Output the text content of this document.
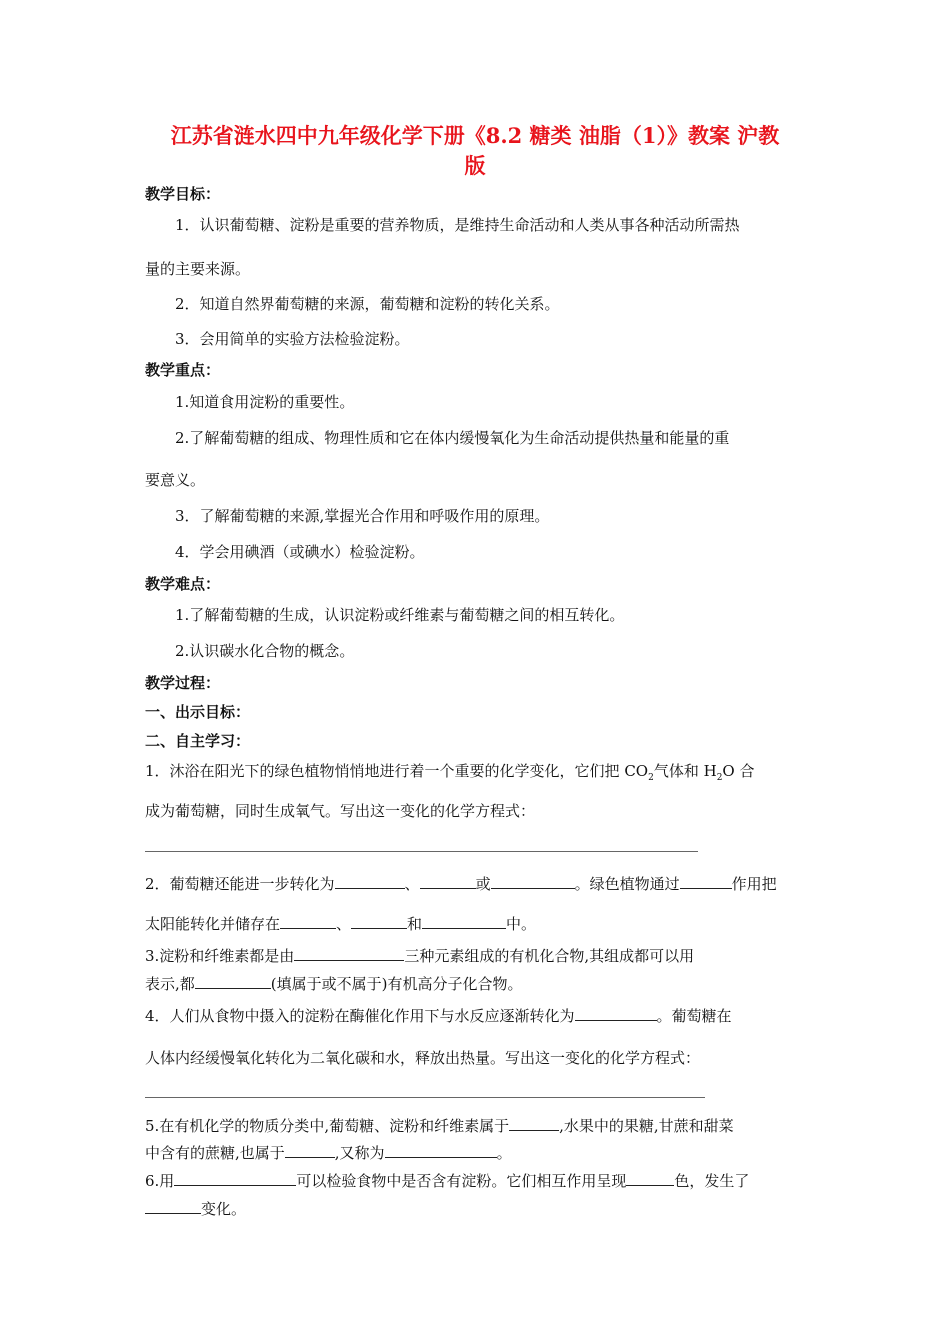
江苏省涟水四中九年级化学下册《8.2 糖类 油脂（1）》教案 沪教
版
教学目标：
1．认识葡萄糖、淀粉是重要的营养物质，是维持生命活动和人类从事各种活动所需热
量的主要来源。
2．知道自然界葡萄糖的来源，葡萄糖和淀粉的转化关系。
3．会用简单的实验方法检验淀粉。
教学重点：
1.知道食用淀粉的重要性。
2.了解葡萄糖的组成、物理性质和它在体内缓慢氧化为生命活动提供热量和能量的重
要意义。
3．了解葡萄糖的来源,掌握光合作用和呼吸作用的原理。
4．学会用碘酒（或碘水）检验淀粉。
教学难点：
1.了解葡萄糖的生成，认识淀粉或纤维素与葡萄糖之间的相互转化。
2.认识碳水化合物的概念。
教学过程：
一、出示目标：
二、自主学习：
1．沐浴在阳光下的绿色植物悄悄地进行着一个重要的化学变化，它们把 $CO_2$气体和 $H_2O$ 合
成为葡萄糖，同时生成氧气。写出这一变化的化学方程式：
2．葡萄糖还能进一步转化为	、	或	。绿色植物通过	作用把
太阳能转化并储存在	、	和	中。
3.淀粉和纤维素都是由	三种元素组成的有机化合物,其组成都可以用
表示,都	(填属于或不属于)有机高分子化合物。
4．人们从食物中摄入的淀粉在酶催化作用下与水反应逐渐转化为	。葡萄糖在
人体内经缓慢氧化转化为二氧化碳和水，释放出热量。写出这一变化的化学方程式：
5.在有机化学的物质分类中,葡萄糖、淀粉和纤维素属于	,水果中的果糖,甘蔗和甜菜
中含有的蔗糖,也属于	,又称为	。
6.用	可以检验食物中是否含有淀粉。它们相互作用呈现	色，发生了
变化。
